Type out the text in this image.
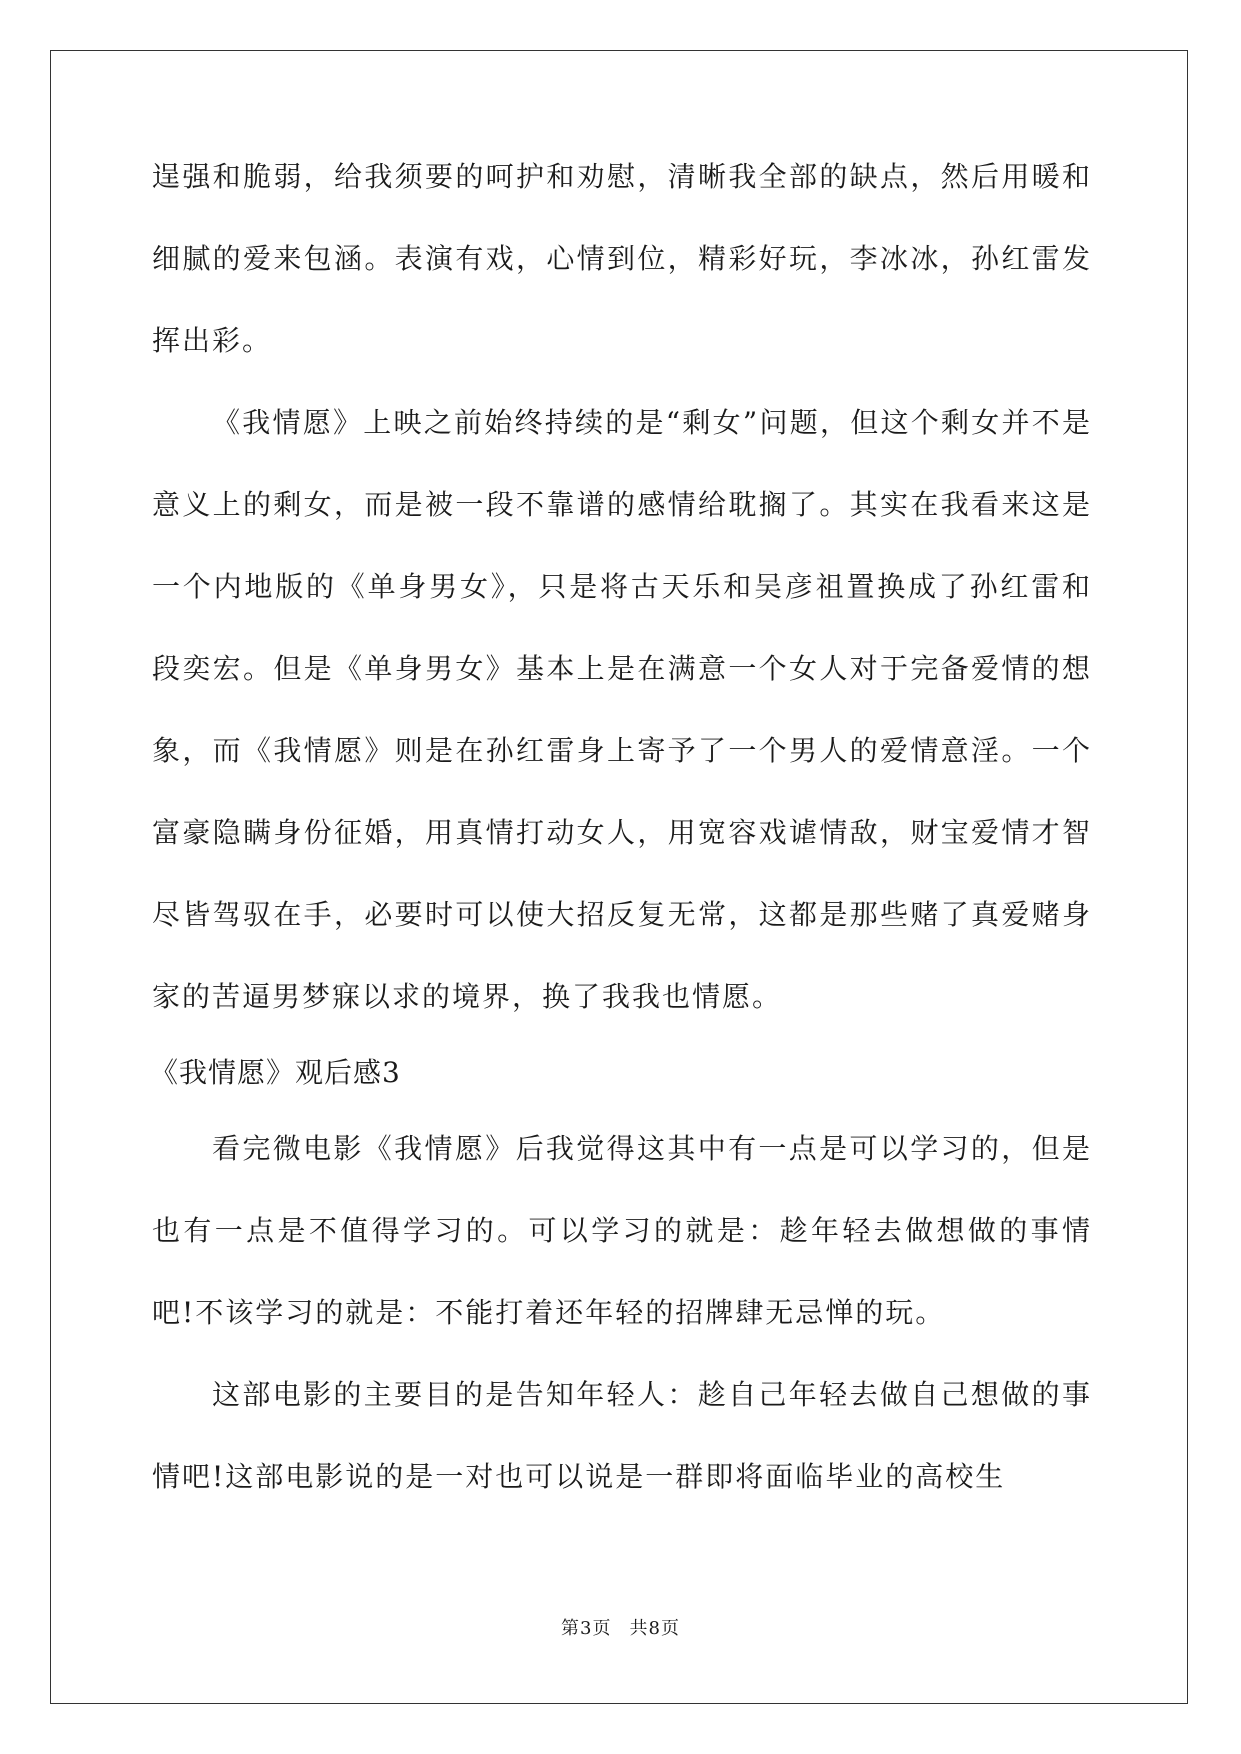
逞强和脆弱，给我须要的呵护和劝慰，清晰我全部的缺点，然后用暖和细腻的爱来包涵。表演有戏，心情到位，精彩好玩，李冰冰，孙红雷发挥出彩。

《我情愿》上映之前始终持续的是“剩女”问题，但这个剩女并不是意义上的剩女，而是被一段不靠谱的感情给耽搁了。其实在我看来这是一个内地版的《单身男女》，只是将古天乐和吴彦祖置换成了孙红雷和段奕宏。但是《单身男女》基本上是在满意一个女人对于完备爱情的想象，而《我情愿》则是在孙红雷身上寄予了一个男人的爱情意淫。一个富豪隐瞒身份征婚，用真情打动女人，用宽容戏谑情敌，财宝爱情才智尽皆驾驭在手，必要时可以使大招反复无常，这都是那些赌了真爱赌身家的苦逼男梦寐以求的境界，换了我我也情愿。

《我情愿》观后感3

看完微电影《我情愿》后我觉得这其中有一点是可以学习的，但是也有一点是不值得学习的。可以学习的就是：趁年轻去做想做的事情吧!不该学习的就是：不能打着还年轻的招牌肆无忌惮的玩。

这部电影的主要目的是告知年轻人：趁自己年轻去做自己想做的事情吧!这部电影说的是一对也可以说是一群即将面临毕业的高校生

第3页 共8页
